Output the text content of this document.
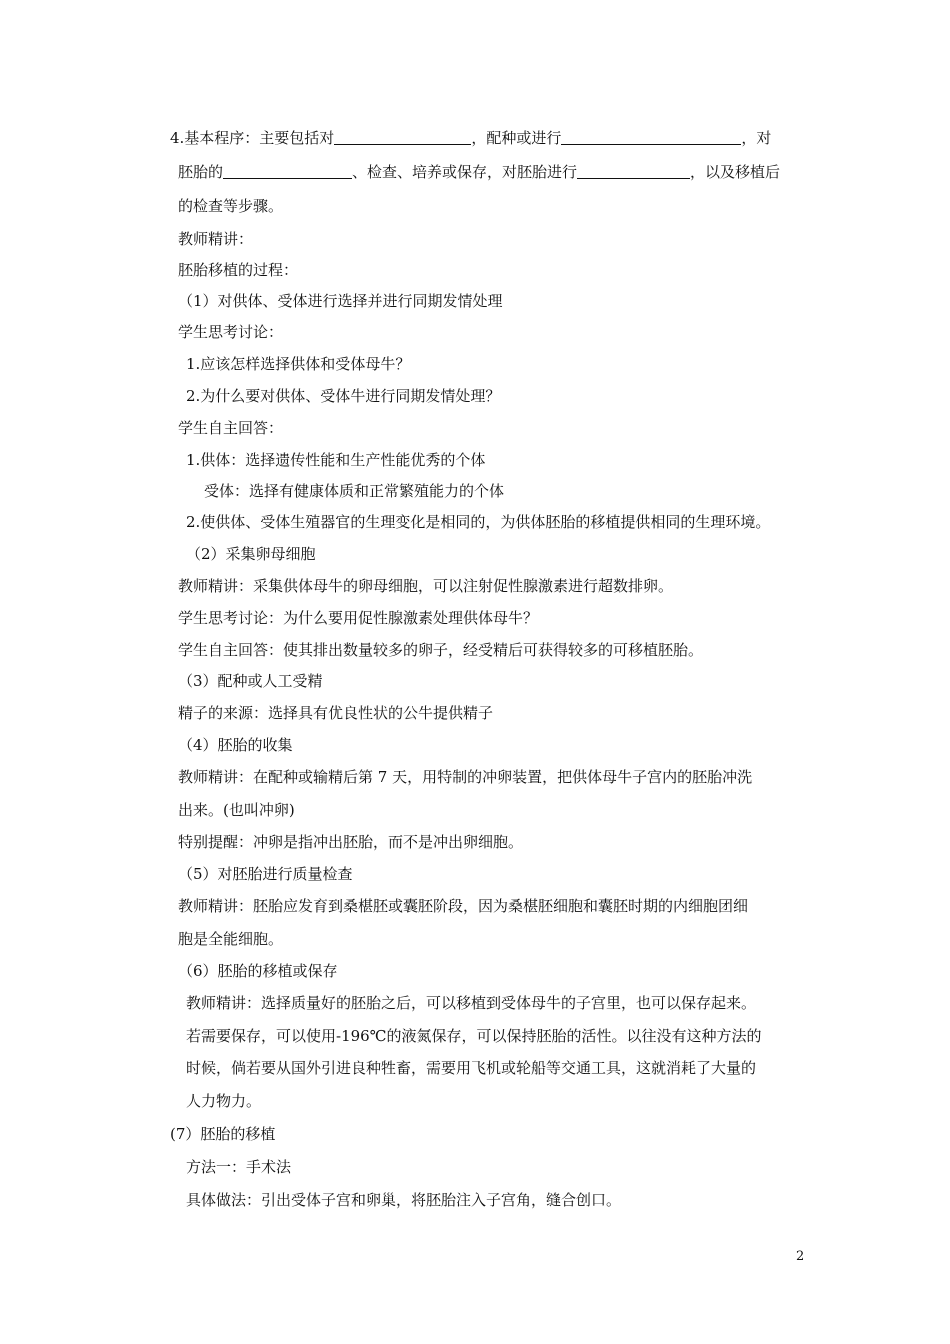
4.基本程序：主要包括对	，配种或进行	，对
胚胎的	、检查、培养或保存，对胚胎进行	，以及移植后
的检查等步骤。
教师精讲：
胚胎移植的过程：
（1）对供体、受体进行选择并进行同期发情处理
学生思考讨论：
1.应该怎样选择供体和受体母牛？
2.为什么要对供体、受体牛进行同期发情处理？
学生自主回答：
1.供体：选择遗传性能和生产性能优秀的个体
受体：选择有健康体质和正常繁殖能力的个体
2.使供体、受体生殖器官的生理变化是相同的，为供体胚胎的移植提供相同的生理环境。
（2）采集卵母细胞
教师精讲：采集供体母牛的卵母细胞，可以注射促性腺激素进行超数排卵。
学生思考讨论：为什么要用促性腺激素处理供体母牛？
学生自主回答：使其排出数量较多的卵子，经受精后可获得较多的可移植胚胎。
（3）配种或人工受精
精子的来源：选择具有优良性状的公牛提供精子
（4）胚胎的收集
教师精讲：在配种或输精后第 7 天，用特制的冲卵装置，把供体母牛子宫内的胚胎冲洗
出来。(也叫冲卵)
特别提醒：冲卵是指冲出胚胎，而不是冲出卵细胞。
（5）对胚胎进行质量检查
教师精讲：胚胎应发育到桑椹胚或囊胚阶段，因为桑椹胚细胞和囊胚时期的内细胞团细
胞是全能细胞。
（6）胚胎的移植或保存
教师精讲：选择质量好的胚胎之后，可以移植到受体母牛的子宫里，也可以保存起来。
若需要保存，可以使用-196℃的液氮保存，可以保持胚胎的活性。以往没有这种方法的
时候，倘若要从国外引进良种牲畜，需要用飞机或轮船等交通工具，这就消耗了大量的
人力物力。
(7）胚胎的移植
方法一：手术法
具体做法：引出受体子宫和卵巢，将胚胎注入子宫角，缝合创口。
2
